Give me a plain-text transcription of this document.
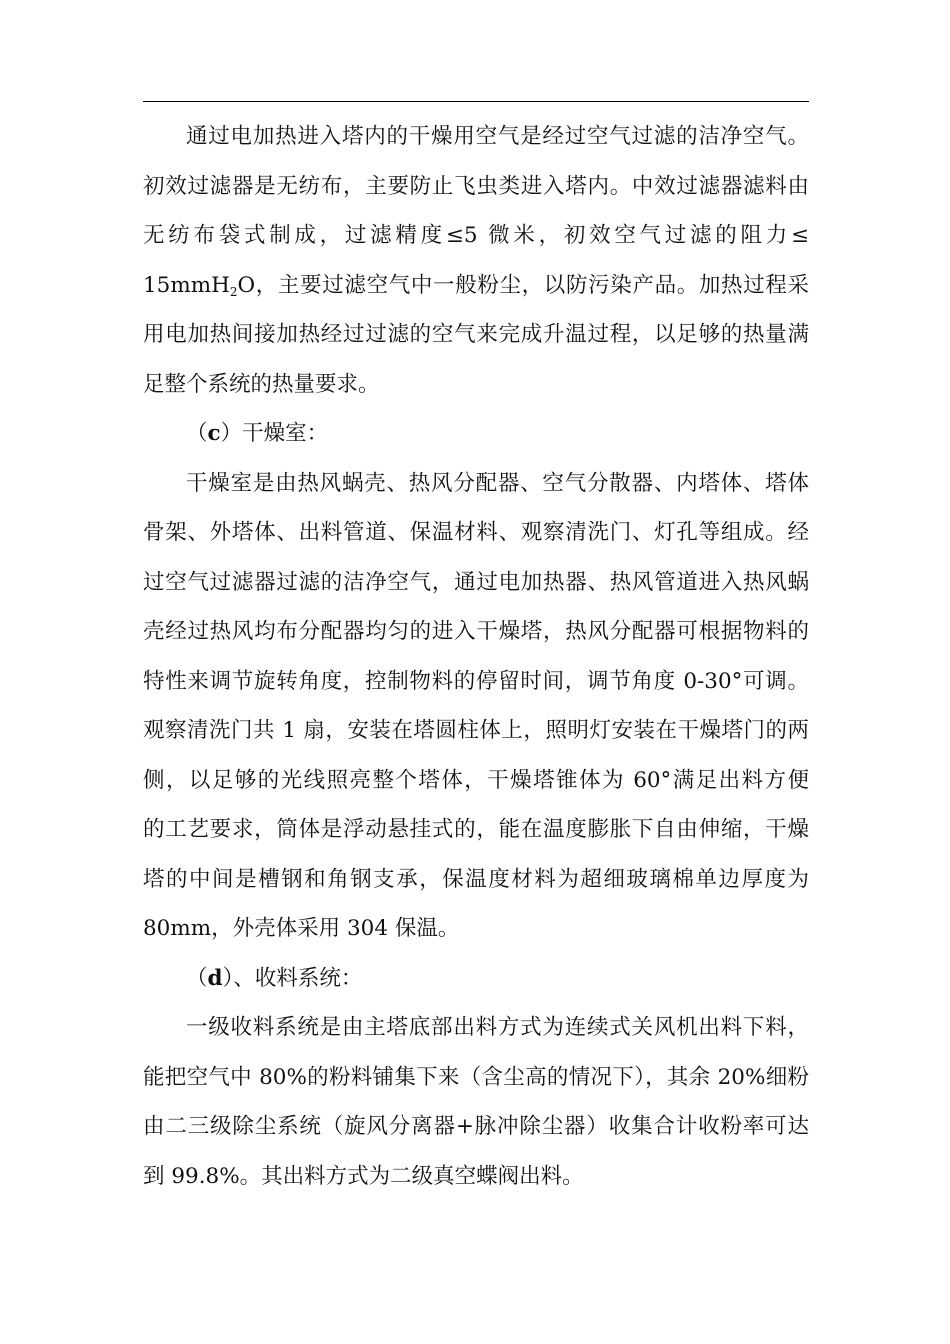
通过电加热进入塔内的干燥用空气是经过空气过滤的洁净空气。
初效过滤器是无纺布，主要防止飞虫类进入塔内。中效过滤器滤料由
无纺布袋式制成，过滤精度≤5 微米，初效空气过滤的阻力≤
15mmH$_2$O，主要过滤空气中一般粉尘，以防污染产品。加热过程采
用电加热间接加热经过过滤的空气来完成升温过程，以足够的热量满
足整个系统的热量要求。
（c）干燥室：
干燥室是由热风蜗壳、热风分配器、空气分散器、内塔体、塔体
骨架、外塔体、出料管道、保温材料、观察清洗门、灯孔等组成。经
过空气过滤器过滤的洁净空气，通过电加热器、热风管道进入热风蜗
壳经过热风均布分配器均匀的进入干燥塔，热风分配器可根据物料的
特性来调节旋转角度，控制物料的停留时间，调节角度 0-30°可调。
观察清洗门共 1 扇，安装在塔圆柱体上，照明灯安装在干燥塔门的两
侧，以足够的光线照亮整个塔体，干燥塔锥体为 60°满足出料方便
的工艺要求，筒体是浮动悬挂式的，能在温度膨胀下自由伸缩，干燥
塔的中间是槽钢和角钢支承，保温度材料为超细玻璃棉单边厚度为
80mm，外壳体采用 304 保温。
（d）、收料系统：
一级收料系统是由主塔底部出料方式为连续式关风机出料下料，
能把空气中 80%的粉料铺集下来（含尘高的情况下），其余 20%细粉
由二三级除尘系统（旋风分离器+脉冲除尘器）收集合计收粉率可达
到 99.8%。其出料方式为二级真空蝶阀出料。
